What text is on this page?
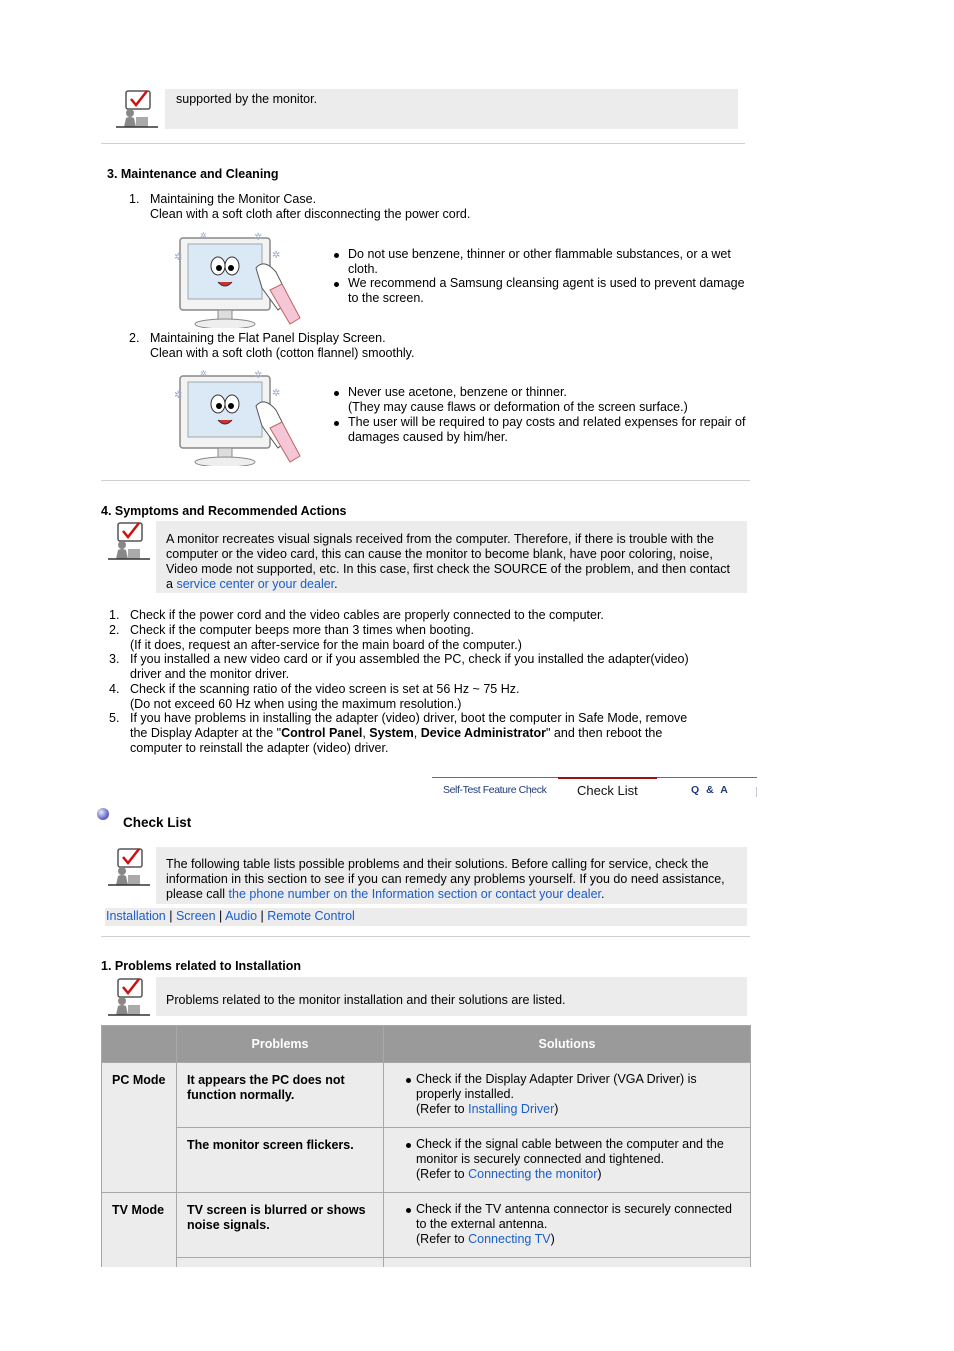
supported by the monitor.
3. Maintenance and Cleaning
1. Maintaining the Monitor Case.
Clean with a soft cloth after disconnecting the power cord.
Do not use benzene, thinner or other flammable substances, or a wet cloth.
We recommend a Samsung cleansing agent is used to prevent damage to the screen.
2. Maintaining the Flat Panel Display Screen.
Clean with a soft cloth (cotton flannel) smoothly.
Never use acetone, benzene or thinner.
(They may cause flaws or deformation of the screen surface.)
The user will be required to pay costs and related expenses for repair of damages caused by him/her.
4. Symptoms and Recommended Actions
A monitor recreates visual signals received from the computer. Therefore, if there is trouble with the computer or the video card, this can cause the monitor to become blank, have poor coloring, noise, Video mode not supported, etc. In this case, first check the SOURCE of the problem, and then contact a service center or your dealer.
1. Check if the power cord and the video cables are properly connected to the computer.
2. Check if the computer beeps more than 3 times when booting.
(If it does, request an after-service for the main board of the computer.)
3. If you installed a new video card or if you assembled the PC, check if you installed the adapter(video)
driver and the monitor driver.
4. Check if the scanning ratio of the video screen is set at 56 Hz ~ 75 Hz.
(Do not exceed 60 Hz when using the maximum resolution.)
5. If you have problems in installing the adapter (video) driver, boot the computer in Safe Mode, remove
the Display Adapter at the "Control Panel, System, Device Administrator" and then reboot the
computer to reinstall the adapter (video) driver.
Self-Test Feature Check Check List	Q & A
Check List
The following table lists possible problems and their solutions. Before calling for service, check the information in this section to see if you can remedy any problems yourself. If you do need assistance, please call the phone number on the Information section or contact your dealer.
Installation | Screen | Audio | Remote Control
1. Problems related to Installation
Problems related to the monitor installation and their solutions are listed.
	Problems	Solutions
PC Mode	It appears the PC does not function normally.	Check if the Display Adapter Driver (VGA Driver) is properly installed.
(Refer to Installing Driver)

	The monitor screen flickers.	Check if the signal cable between the computer and the monitor is securely connected and tightened.
(Refer to Connecting the monitor)

TV Mode	TV screen is blurred or shows noise signals.	Check if the TV antenna connector is securely connected to the external antenna.
(Refer to Connecting TV)
